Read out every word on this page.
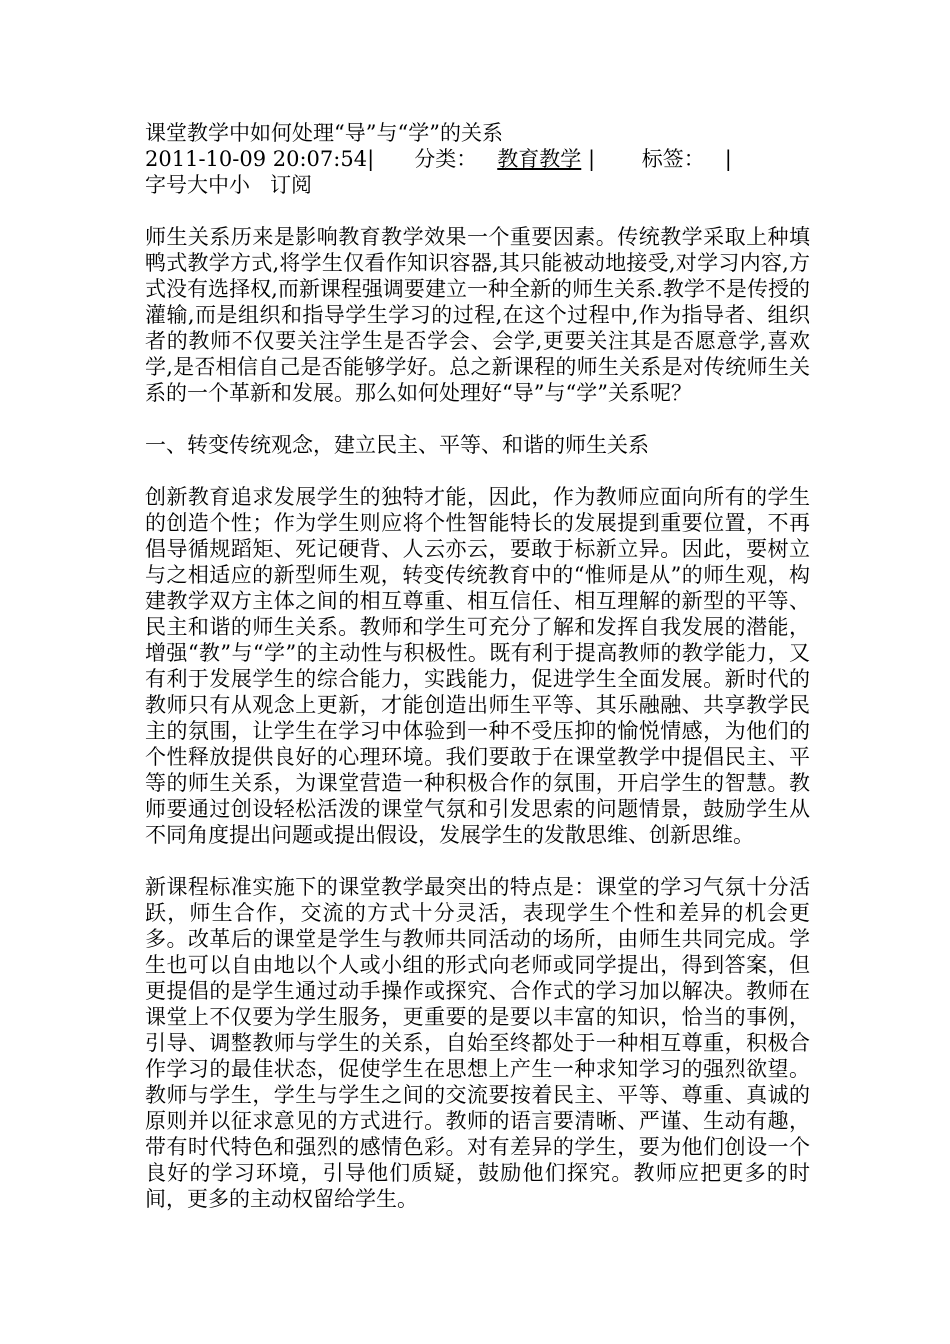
课堂教学中如何处理“导”与“学”的关系
2011-10-09 20:07:54| 分类： 教育教学 | 标签： |字号大中小 订阅

师生关系历来是影响教育教学效果一个重要因素。传统教学采取上种填鸭式教学方式,将学生仅看作知识容器,其只能被动地接受,对学习内容,方式没有选择权,而新课程强调要建立一种全新的师生关系.教学不是传授的灌输,而是组织和指导学生学习的过程,在这个过程中,作为指导者、组织者的教师不仅要关注学生是否学会、会学,更要关注其是否愿意学,喜欢学,是否相信自己是否能够学好。总之新课程的师生关系是对传统师生关系的一个革新和发展。那么如何处理好“导”与“学”关系呢？

一、转变传统观念，建立民主、平等、和谐的师生关系

创新教育追求发展学生的独特才能，因此，作为教师应面向所有的学生的创造个性；作为学生则应将个性智能特长的发展提到重要位置，不再倡导循规蹈矩、死记硬背、人云亦云，要敢于标新立异。因此，要树立与之相适应的新型师生观，转变传统教育中的“惟师是从”的师生观，构建教学双方主体之间的相互尊重、相互信任、相互理解的新型的平等、民主和谐的师生关系。教师和学生可充分了解和发挥自我发展的潜能，增强“教”与“学”的主动性与积极性。既有利于提高教师的教学能力，又有利于发展学生的综合能力，实践能力，促进学生全面发展。新时代的教师只有从观念上更新，才能创造出师生平等、其乐融融、共享教学民主的氛围，让学生在学习中体验到一种不受压抑的愉悦情感，为他们的个性释放提供良好的心理环境。我们要敢于在课堂教学中提倡民主、平等的师生关系，为课堂营造一种积极合作的氛围，开启学生的智慧。教师要通过创设轻松活泼的课堂气氛和引发思索的问题情景，鼓励学生从不同角度提出问题或提出假设，发展学生的发散思维、创新思维。

新课程标准实施下的课堂教学最突出的特点是：课堂的学习气氛十分活跃，师生合作，交流的方式十分灵活，表现学生个性和差异的机会更多。改革后的课堂是学生与教师共同活动的场所，由师生共同完成。学生也可以自由地以个人或小组的形式向老师或同学提出，得到答案，但更提倡的是学生通过动手操作或探究、合作式的学习加以解决。教师在课堂上不仅要为学生服务，更重要的是要以丰富的知识，恰当的事例，引导、调整教师与学生的关系，自始至终都处于一种相互尊重，积极合作学习的最佳状态，促使学生在思想上产生一种求知学习的强烈欲望。教师与学生，学生与学生之间的交流要按着民主、平等、尊重、真诚的原则并以征求意见的方式进行。教师的语言要清晰、严谨、生动有趣，带有时代特色和强烈的感情色彩。对有差异的学生，要为他们创设一个良好的学习环境，引导他们质疑，鼓励他们探究。教师应把更多的时间，更多的主动权留给学生。
